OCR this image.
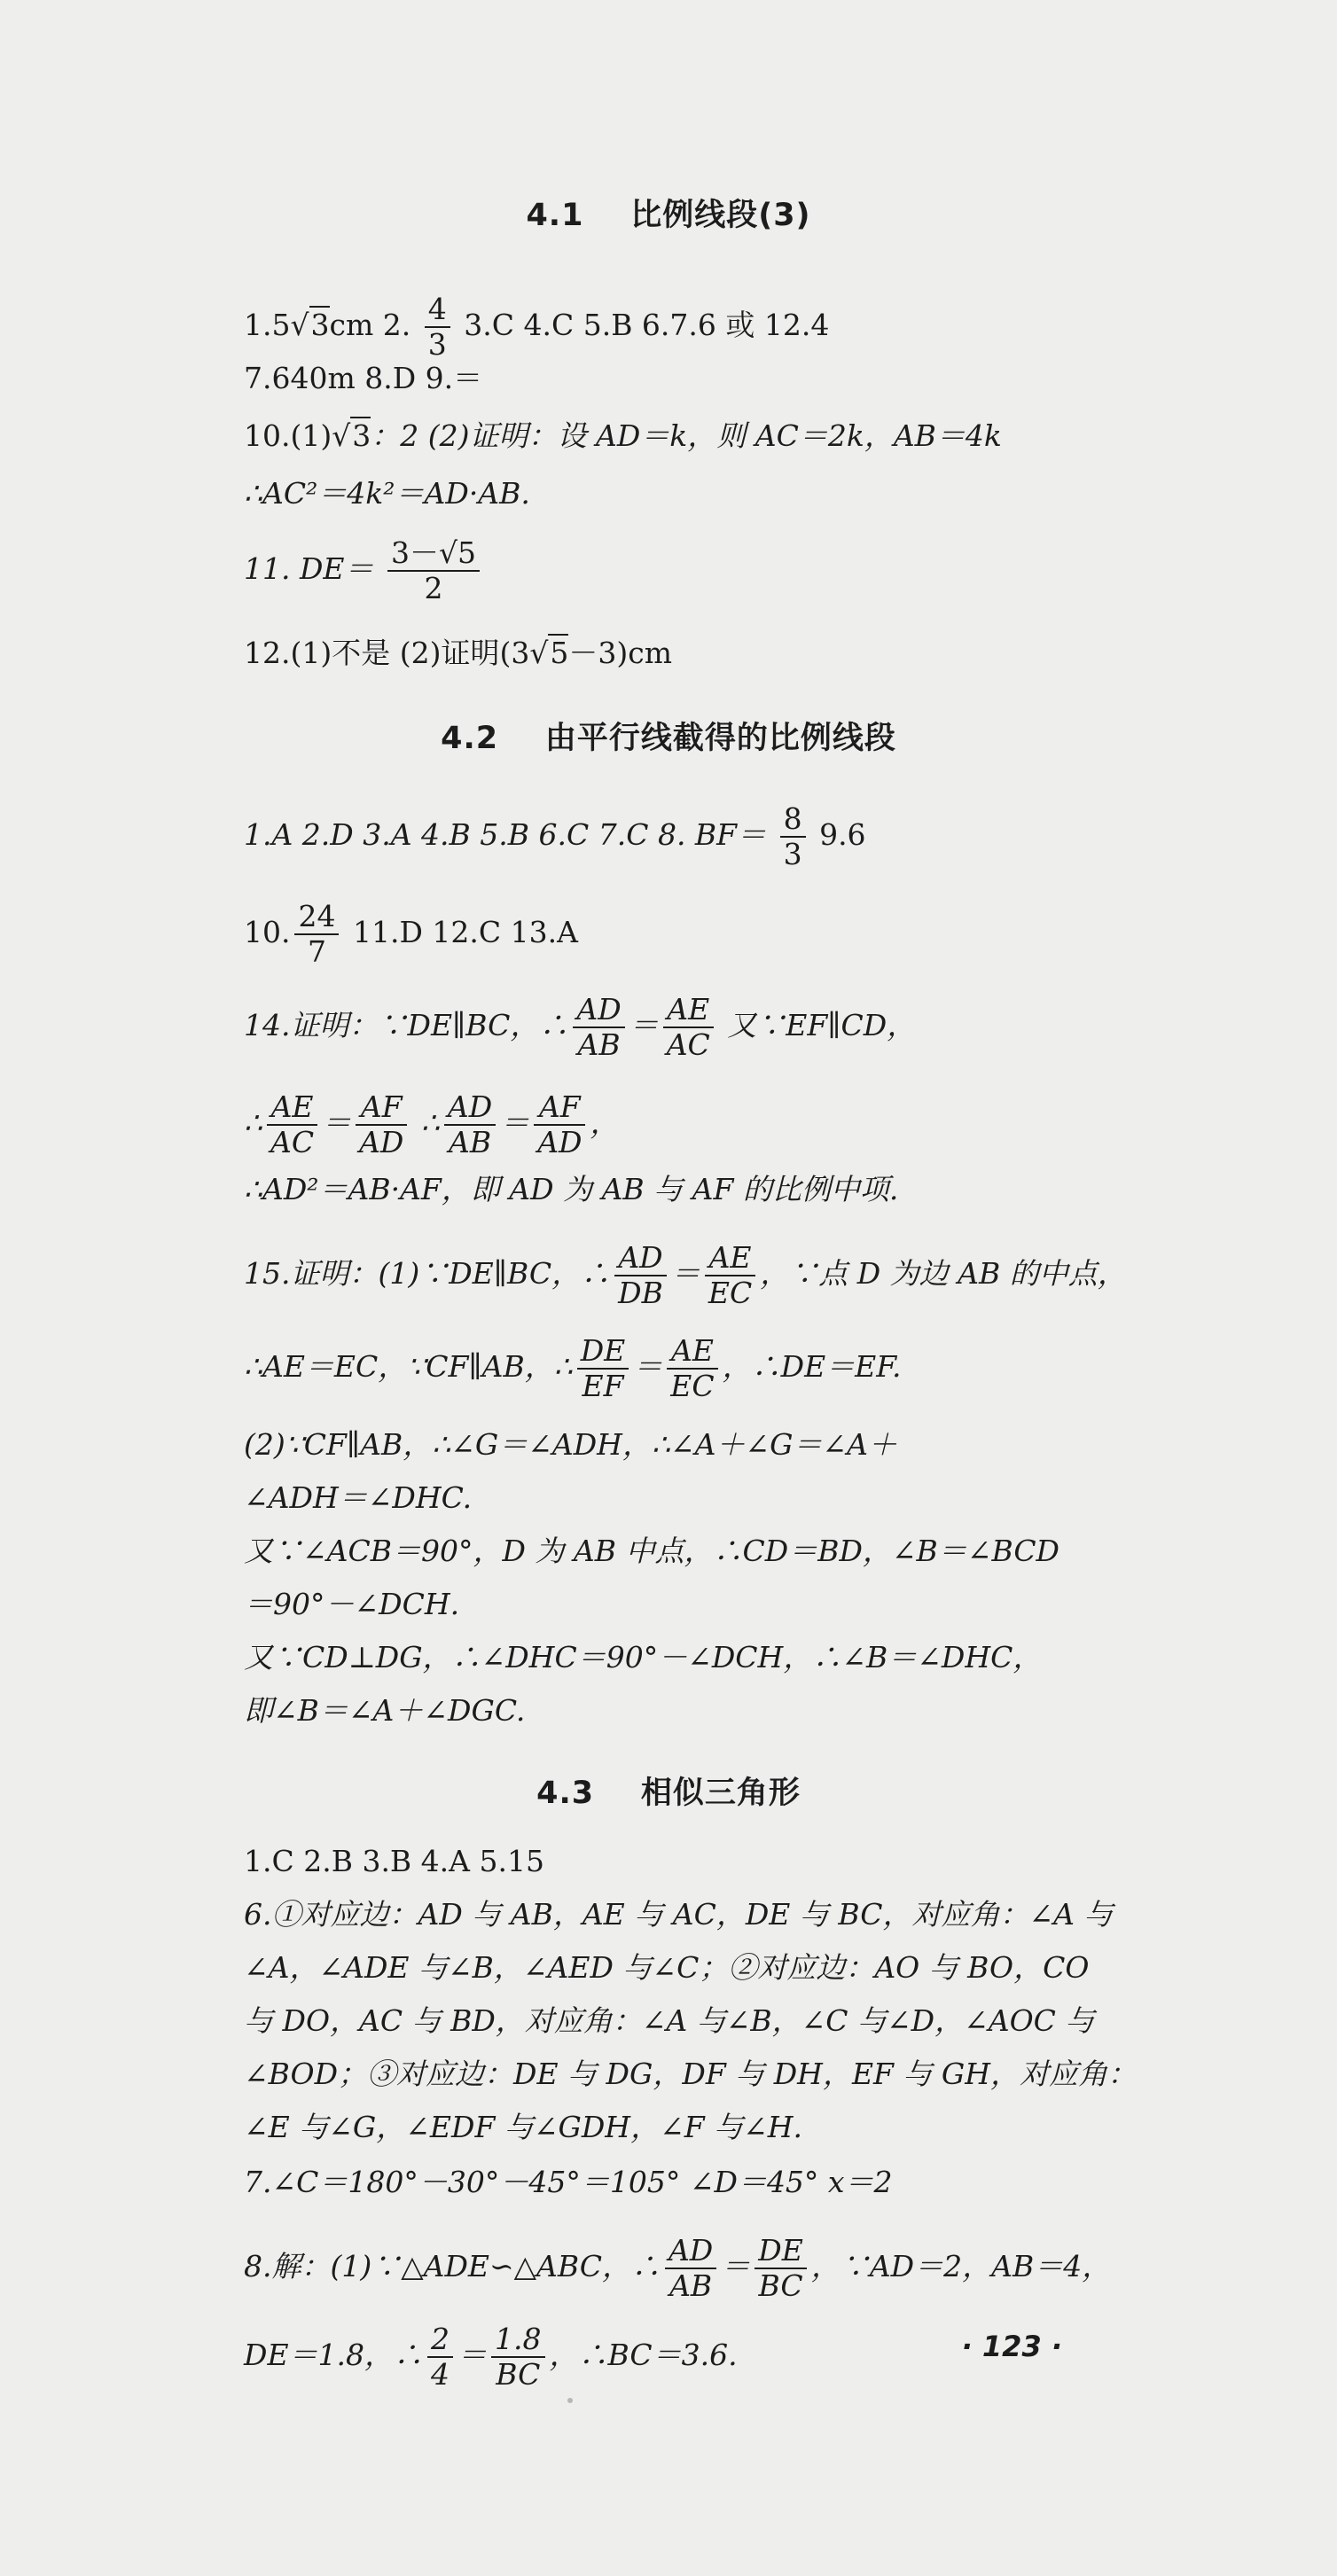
4.1 比例线段(3)
1.5√3cm 2. $\frac{4}{3} 3.C$ 4.C 5.B 6.7.6 或 12.4
7.640m 8.D 9.＝
10.(1)√3：2 (2)证明：设 AD＝k，则 AC＝2k，AB＝4k
∴AC²＝4k²＝AD·AB.
11. $DE= \frac{3-√5}{2}$
12.(1)不是 (2)证明(3√5－3)cm
4.2 由平行线截得的比例线段
1.A 2.D 3.A 4.B 5.B 6.C 7.C 8. $BF= \frac{8}{3} 9.6$
10. $\frac{24}{7} 11.D$ 12.C 13.A
14.证明：∵DE∥BC，∴ $\frac{AD}{AB} = \frac{AE}{AC}$ 又∵EF∥CD，
∴ $\frac{AE}{AC} = \frac{AF}{AD}$ ∴ $\frac{AD}{AB} = \frac{AF}{AD}$ ，
∴AD²＝AB·AF，即 AD 为 AB 与 AF 的比例中项.
15.证明：(1)∵DE∥BC，∴ $\frac{AD}{DB} = \frac{AE}{EC}$ ，∵点 D 为边 AB 的中点，
∴AE＝EC，∵CF∥AB，∴ $\frac{DE}{EF} = \frac{AE}{EC}$ ，∴DE＝EF.
(2)∵CF∥AB，∴∠G＝∠ADH，∴∠A＋∠G＝∠A＋
∠ADH＝∠DHC.
又∵∠ACB＝90°，D 为 AB 中点，∴CD＝BD，∠B＝∠BCD
＝90°－∠DCH.
又∵CD⊥DG，∴∠DHC＝90°－∠DCH，∴∠B＝∠DHC，
即∠B＝∠A＋∠DGC.
4.3 相似三角形
1.C 2.B 3.B 4.A 5.15
6.①对应边：AD 与 AB，AE 与 AC，DE 与 BC，对应角：∠A 与
∠A，∠ADE 与∠B，∠AED 与∠C；②对应边：AO 与 BO，CO
与 DO，AC 与 BD，对应角：∠A 与∠B，∠C 与∠D，∠AOC 与
∠BOD；③对应边：DE 与 DG，DF 与 DH，EF 与 GH，对应角：
∠E 与∠G，∠EDF 与∠GDH，∠F 与∠H.
7.∠C＝180°－30°－45°＝105° ∠D＝45° x＝2
8.解：(1)∵△ADE∽△ABC，∴ $\frac{AD}{AB} = \frac{DE}{BC}$ ，∵AD＝2，AB＝4，
DE＝1.8，∴ $\frac{2}{4} = \frac{1.8}{BC}$ ，∴BC＝3.6.	· 123 ·
